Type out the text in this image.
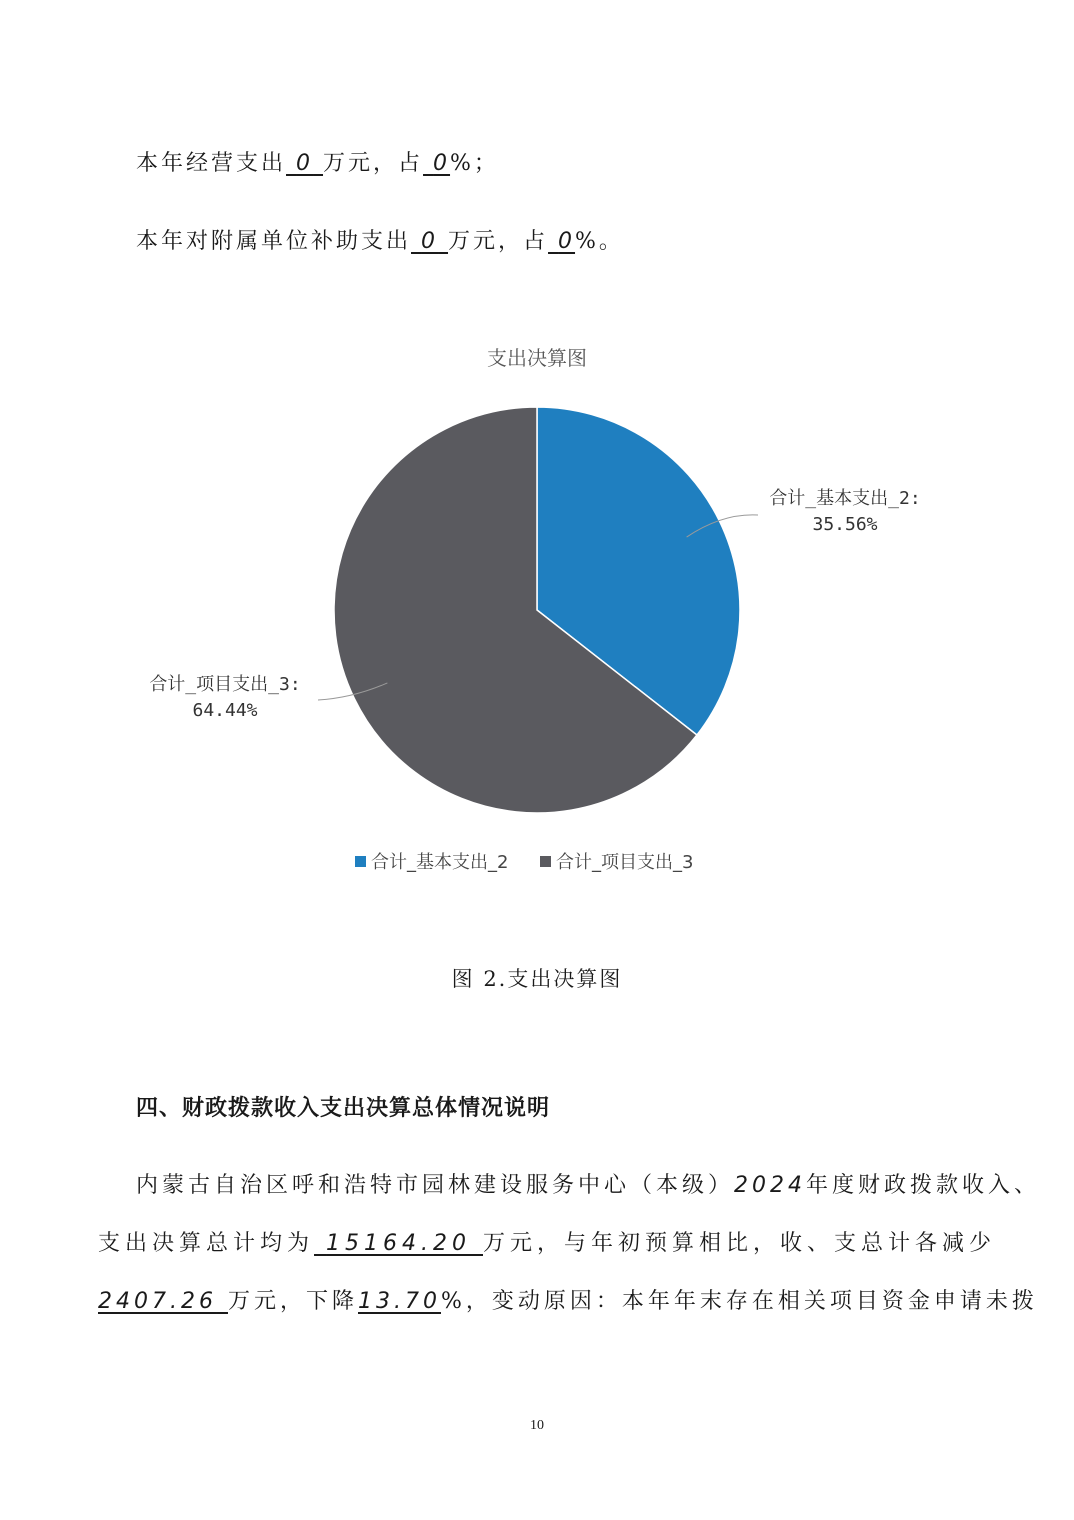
本年经营支出 0 万元，占 0%；
本年对附属单位补助支出 0 万元，占 0%。
支出决算图
合计_基本支出_2:
35.56%
合计_项目支出_3:
64.44%
合计_基本支出_2	合计_项目支出_3
图 2.支出决算图
四、财政拨款收入支出决算总体情况说明
内蒙古自治区呼和浩特市园林建设服务中心（本级）2024年度财政拨款收入、
支出决算总计均为 15164.20 万元，与年初预算相比，收、支总计各减少
2407.26 万元，下降13.70%，变动原因：本年年末存在相关项目资金申请未拨
10
